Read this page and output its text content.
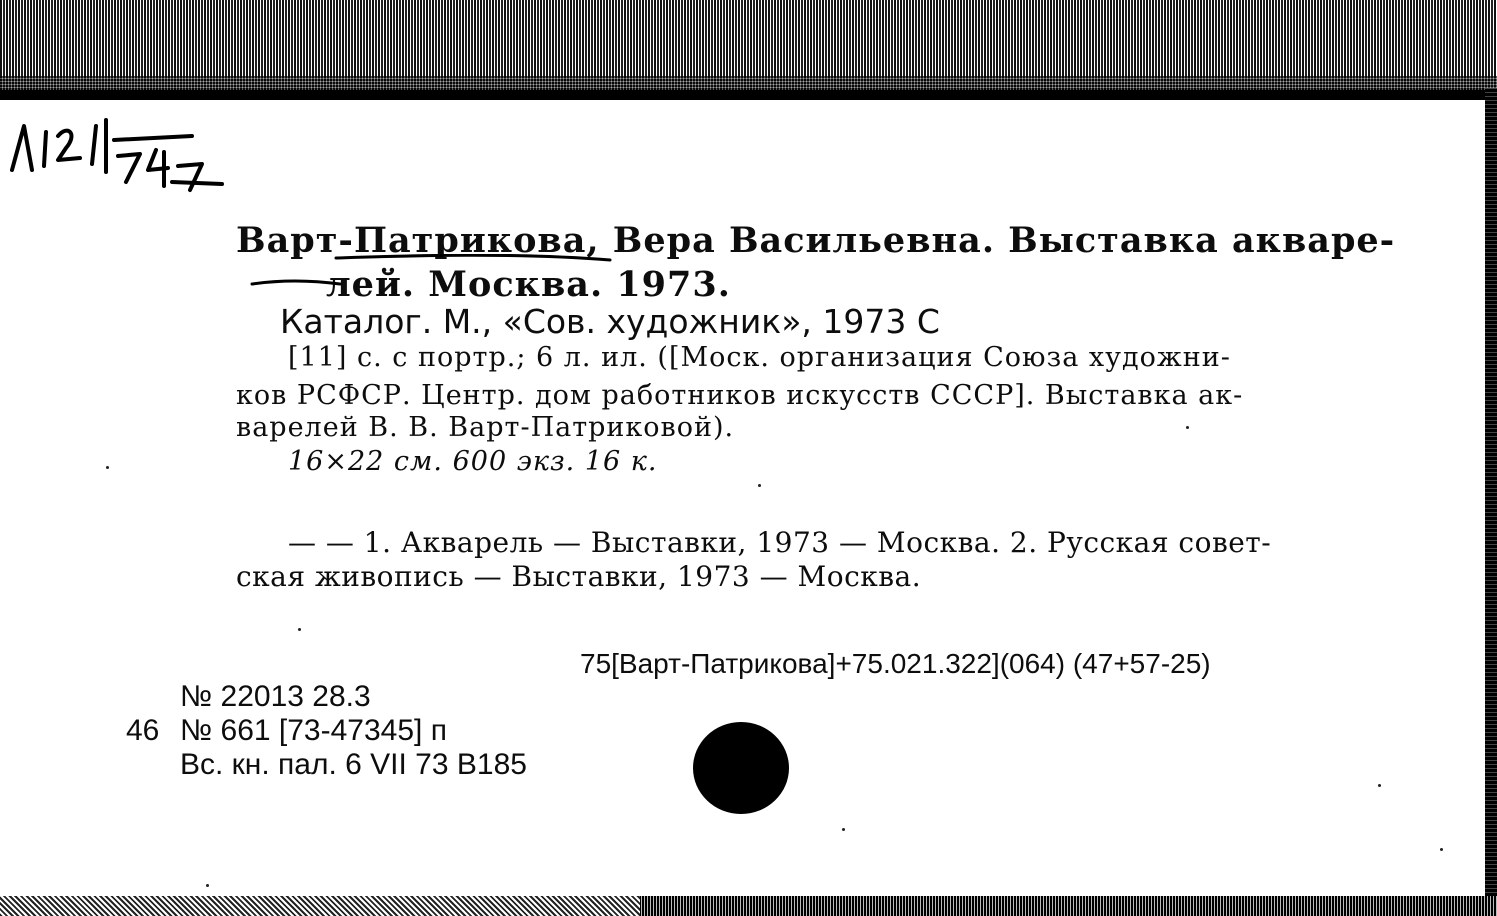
Варт-Патрикова, Вера Васильевна. Выставка акваре-
лей. Москва. 1973.
Каталог. М., «Сов. художник», 1973 С
[11] с. с портр.; 6 л. ил. ([Моск. организация Союза художни-
ков РСФСР. Центр. дом работников искусств СССР]. Выставка ак-
варелей В. В. Варт-Патриковой).
16×22 см. 600 экз. 16 к.
— — 1. Акварель — Выставки, 1973 — Москва. 2. Русская совет-
ская живопись — Выставки, 1973 — Москва.
75[Варт-Патрикова]+75.021.322](064) (47+57-25)
№ 22013 28.3
46 № 661 [73-47345] п
Вс. кн. пал. 6 VII 73 В185
